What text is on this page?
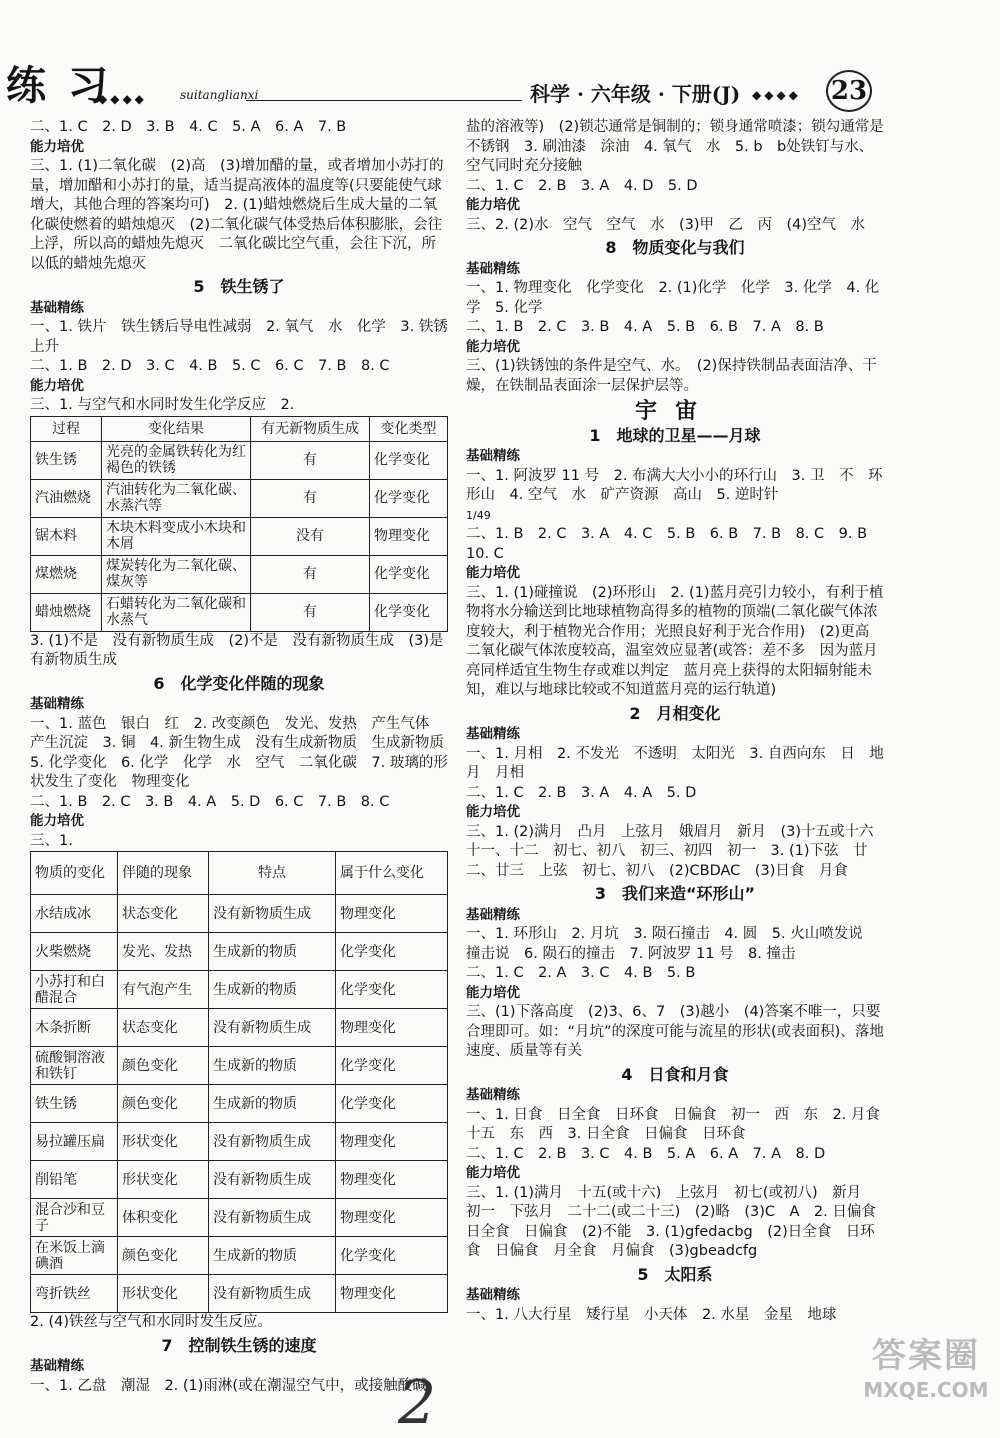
练 习
◆◆◆◆	suitanglianxi	科学 · 六年级 · 下册(J) ◆◆◆◆ 23

二、1. C　2. D　3. B　4. C　5. A　6. A　7. B

能力培优

三、1. (1)二氧化碳　(2)高　(3)增加醋的量，或者增加小苏打的量，增加醋和小苏打的量，适当提高液体的温度等(只要能使气球增大，其他合理的答案均可)　2. (1)蜡烛燃烧后生成大量的二氧化碳使燃着的蜡烛熄灭　(2)二氧化碳气体受热后体积膨胀，会往上浮，所以高的蜡烛先熄灭　二氧化碳比空气重，会往下沉，所以低的蜡烛先熄灭

5　铁生锈了

基础精练

一、1. 铁片　铁生锈后导电性减弱　2. 氧气　水　化学　3. 铁锈　上升

二、1. B　2. D　3. C　4. B　5. C　6. C　7. B　8. C

能力培优

三、1. 与空气和水同时发生化学反应　2.

过程	变化结果	有无新物质生成	变化类型
铁生锈	光亮的金属铁转化为红褐色的铁锈	有	化学变化
汽油燃烧	汽油转化为二氧化碳、水蒸汽等	有	化学变化
锯木料	木块木料变成小木块和木屑	没有	物理变化
煤燃烧	煤炭转化为二氧化碳、煤灰等	有	化学变化
蜡烛燃烧	石蜡转化为二氧化碳和水蒸气	有	化学变化

3. (1)不是　没有新物质生成　(2)不是　没有新物质生成　(3)是　有新物质生成

6　化学变化伴随的现象

基础精练

一、1. 蓝色　银白　红　2. 改变颜色　发光、发热　产生气体　产生沉淀　3. 铜　4. 新生物生成　没有生成新物质　生成新物质　5. 化学变化　6. 化学　化学　水　空气　二氧化碳　7. 玻璃的形状发生了变化　物理变化

二、1. B　2. C　3. B　4. A　5. D　6. C　7. B　8. C

能力培优

三、1.

物质的变化	伴随的现象	特点	属于什么变化
水结成冰	状态变化	没有新物质生成	物理变化
火柴燃烧	发光、发热	生成新的物质	化学变化
小苏打和白醋混合	有气泡产生	生成新的物质	化学变化
木条折断	状态变化	没有新物质生成	物理变化
硫酸铜溶液和铁钉	颜色变化	生成新的物质	化学变化
铁生锈	颜色变化	生成新的物质	化学变化
易拉罐压扁	形状变化	没有新物质生成	物理变化
削铅笔	形状变化	没有新物质生成	物理变化
混合沙和豆子	体积变化	没有新物质生成	物理变化
在米饭上滴碘酒	颜色变化	生成新的物质	化学变化
弯折铁丝	形状变化	没有新物质生成	物理变化

2. (4)铁丝与空气和水同时发生反应。

7　控制铁生锈的速度

基础精练

一、1. 乙盘　潮湿　2. (1)雨淋(或在潮湿空气中，或接触酸碱

盐的溶液等)　(2)锁芯通常是铜制的；锁身通常喷漆；锁勾通常是不锈钢　3. 刷油漆　涂油　4. 氧气　水　5. b　b处铁钉与水、空气同时充分接触

二、1. C　2. B　3. A　4. D　5. D

能力培优

三、2. (2)水　空气　空气　水　(3)甲　乙　丙　(4)空气　水

8　物质变化与我们

基础精练

一、1. 物理变化　化学变化　2. (1)化学　化学　3. 化学　4. 化学　5. 化学

二、1. B　2. C　3. B　4. A　5. B　6. B　7. A　8. B

能力培优

三、(1)铁锈蚀的条件是空气、水。　(2)保持铁制品表面洁净、干燥，在铁制品表面涂一层保护层等。

宇宙
1　地球的卫星——月球

基础精练

一、1. 阿波罗 11 号　2. 布满大大小小的环行山　3. 卫　不　环形山　4. 空气　水　矿产资源　高山　5. 逆时针

1/49

二、1. B　2. C　3. A　4. C　5. B　6. B　7. B　8. C　9. B　10. C

能力培优

三、1. (1)碰撞说　(2)环形山　2. (1)蓝月亮引力较小，有利于植物将水分输送到比地球植物高得多的植物的顶端(二氧化碳气体浓度较大，利于植物光合作用；光照良好利于光合作用)　(2)更高　二氧化碳气体浓度较高，温室效应显著(或答：差不多　因为蓝月亮同样适宜生物生存或难以判定　蓝月亮上获得的太阳辐射能未知，难以与地球比较或不知道蓝月亮的运行轨道)

2　月相变化

基础精练

一、1. 月相　2. 不发光　不透明　太阳光　3. 自西向东　日　地　月　月相

二、1. C　2. B　3. A　4. A　5. D

能力培优

三、1. (2)满月　凸月　上弦月　娥眉月　新月　(3)十五或十六　十一、十二　初七、初八　初三、初四　初一　3. (1)下弦　廿二、廿三　上弦　初七、初八　(2)CBDAC　(3)日食　月食

3　我们来造“环形山”

基础精练

一、1. 环形山　2. 月坑　3. 陨石撞击　4. 圆　5. 火山喷发说　撞击说　6. 陨石的撞击　7. 阿波罗 11 号　8. 撞击

二、1. C　2. A　3. C　4. B　5. B

能力培优

三、(1)下落高度　(2)3、6、7　(3)越小　(4)答案不唯一，只要合理即可。如：“月坑”的深度可能与流星的形状(或表面积)、落地速度、质量等有关

4　日食和月食

基础精练

一、1. 日食　日全食　日环食　日偏食　初一　西　东　2. 月食　十五　东　西　3. 日全食　日偏食　日环食

二、1. C　2. B　3. C　4. B　5. A　6. A　7. A　8. D

能力培优

三、1. (1)满月　十五(或十六)　上弦月　初七(或初八)　新月　初一　下弦月　二十二(或二十三)　(2)略　(3)C　A　2. 日偏食　日全食　日偏食　(2)不能　3. (1)gfedacbg　(2)日全食　日环食　日偏食　月全食　月偏食　(3)gbeadcfg

5　太阳系

基础精练

一、1. 八大行星　矮行星　小天体　2. 水星　金星　地球

2
答案圈
MXQE.COM
